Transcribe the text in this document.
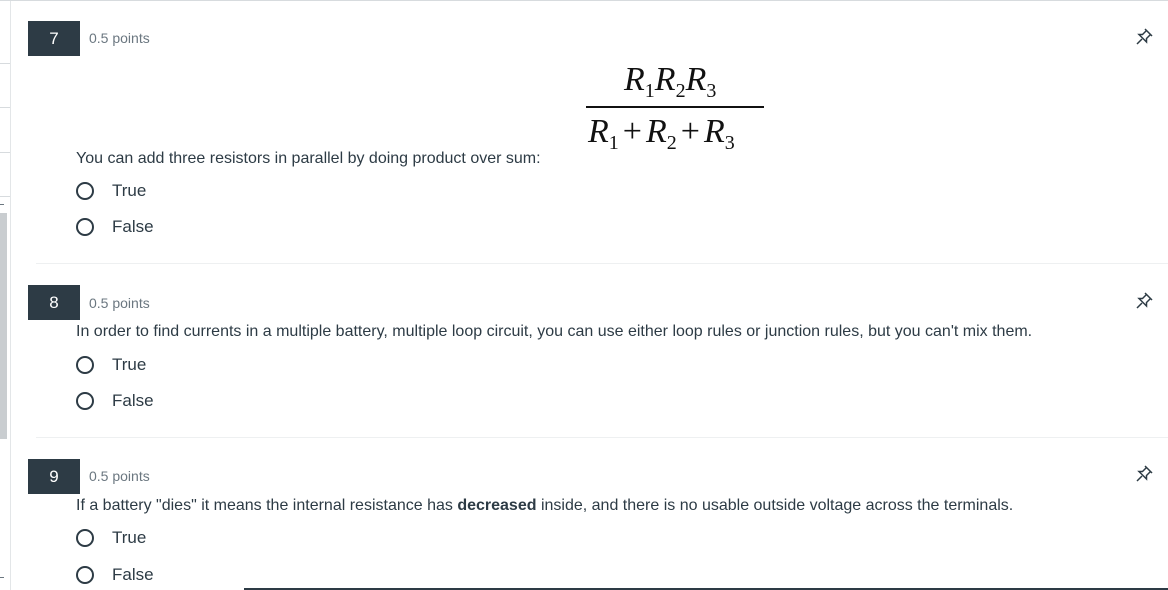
7	0.5 points
$R_1R_2R_3$
$R_1 + R_2 + R_3$
You can add three resistors in parallel by doing product over sum:
True
False
8	0.5 points
In order to find currents in a multiple battery, multiple loop circuit, you can use either loop rules or junction rules, but you can't mix them.
True
False
9	0.5 points
If a battery "dies" it means the internal resistance has decreased inside, and there is no usable outside voltage across the terminals.
True
False
